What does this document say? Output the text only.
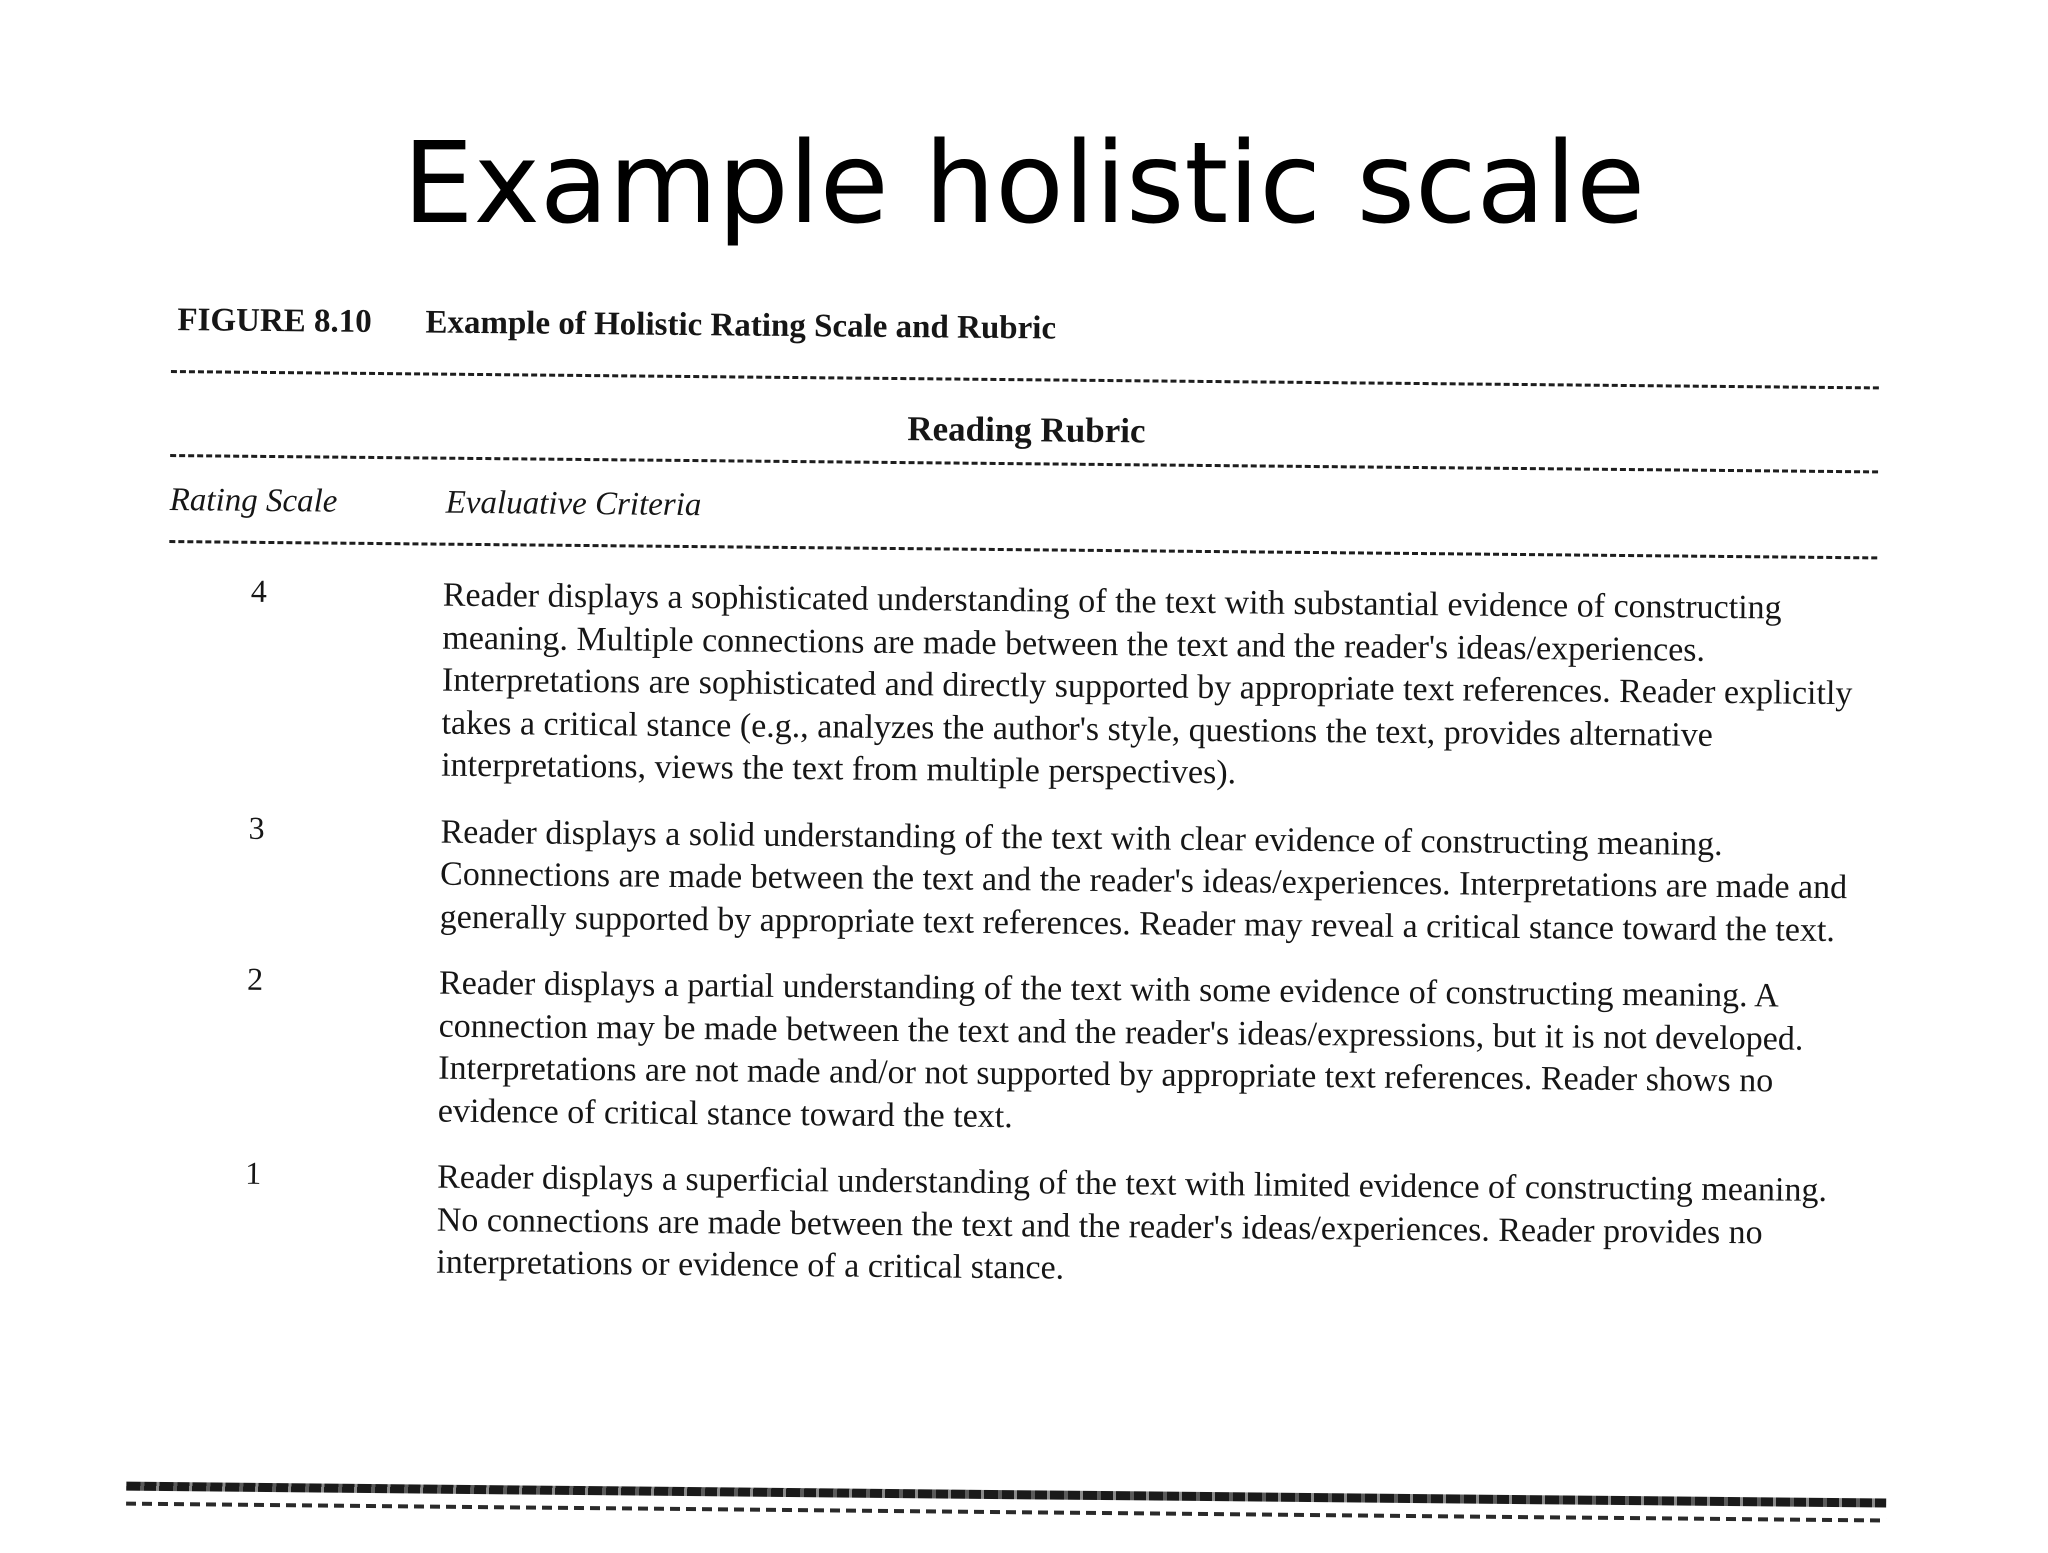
Example holistic scale
FIGURE 8.10 Example of Holistic Rating Scale and Rubric
Reading Rubric
Rating Scale	Evaluative Criteria
4	Reader displays a sophisticated understanding of the text with substantial evidence of constructing meaning. Multiple connections are made between the text and the reader's ideas/experiences. Interpretations are sophisticated and directly supported by appropriate text references. Reader explicitly takes a critical stance (e.g., analyzes the author's style, questions the text, provides alternative interpretations, views the text from multiple perspectives).
3	Reader displays a solid understanding of the text with clear evidence of constructing meaning. Connections are made between the text and the reader's ideas/experiences. Interpretations are made and generally supported by appropriate text references. Reader may reveal a critical stance toward the text.
2	Reader displays a partial understanding of the text with some evidence of constructing meaning. A connection may be made between the text and the reader's ideas/expressions, but it is not developed. Interpretations are not made and/or not supported by appropriate text references. Reader shows no evidence of critical stance toward the text.
1	Reader displays a superficial understanding of the text with limited evidence of constructing meaning. No connections are made between the text and the reader's ideas/experiences. Reader provides no interpretations or evidence of a critical stance.
